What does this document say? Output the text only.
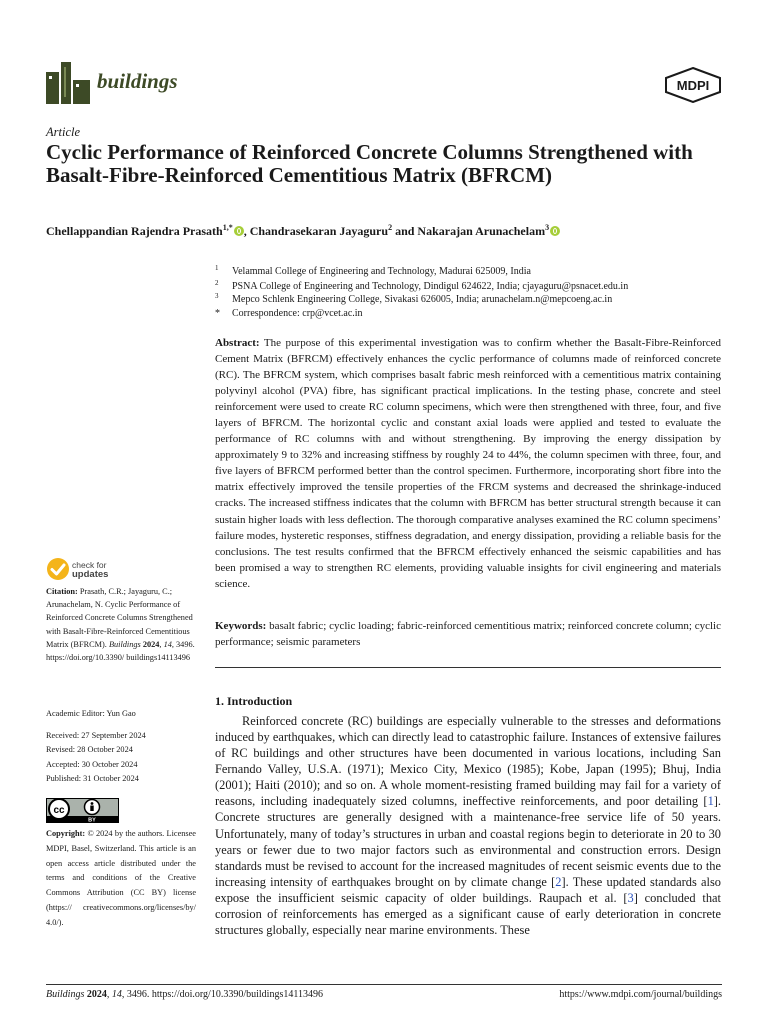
buildings	MDPI
Article
Cyclic Performance of Reinforced Concrete Columns Strengthened with Basalt-Fibre-Reinforced Cementitious Matrix (BFRCM)
Chellappandian Rajendra Prasath$^{1,*}$ , Chandrasekaran Jayaguru$^2$ and Nakarajan Arunachelam$^3$
1 Velammal College of Engineering and Technology, Madurai 625009, India
2 PSNA College of Engineering and Technology, Dindigul 624622, India; cjayaguru@psnacet.edu.in
3 Mepco Schlenk Engineering College, Sivakasi 626005, India; arunachelam.n@mepcoeng.ac.in
* Correspondence: crp@vcet.ac.in
Abstract: The purpose of this experimental investigation was to confirm whether the Basalt-Fibre-Reinforced Cement Matrix (BFRCM) effectively enhances the cyclic performance of columns made of reinforced concrete (RC). The BFRCM system, which comprises basalt fabric mesh reinforced with a cementitious matrix containing polyvinyl alcohol (PVA) fibre, has significant practical implications. In the testing phase, concrete and steel reinforcement were used to create RC column specimens, which were then strengthened with three, four, and five layers of BFRCM. The horizontal cyclic and constant axial loads were applied and tested to evaluate the performance of RC columns with and without strengthening. By improving the energy dissipation by approximately 9 to 32% and increasing stiffness by roughly 24 to 44%, the column specimen with three, four, and five layers of BFRCM performed better than the control specimen. Furthermore, incorporating short fibre into the matrix effectively improved the tensile properties of the FRCM systems and decreased the shrinkage-induced cracks. The increased stiffness indicates that the column with BFRCM has better structural strength because it can sustain higher loads with less deflection. The thorough comparative analyses examined the RC column specimens’ failure modes, hysteretic responses, stiffness degradation, and energy dissipation, providing a reliable basis for the conclusions. The test results confirmed that the BFRCM effectively enhanced the seismic capabilities and has been promised a way to strengthen RC elements, providing valuable insights for civil engineering and materials science.
Keywords: basalt fabric; cyclic loading; fabric-reinforced cementitious matrix; reinforced concrete column; cyclic performance; seismic parameters
check for
updates
Citation: Prasath, C.R.; Jayaguru, C.; Arunachelam, N. Cyclic Performance of Reinforced Concrete Columns Strengthened with Basalt-Fibre-Reinforced Cementitious Matrix (BFRCM). Buildings 2024, 14, 3496. https://doi.org/10.3390/ buildings14113496
Academic Editor: Yun Gao
Received: 27 September 2024
Revised: 28 October 2024
Accepted: 30 October 2024
Published: 31 October 2024
cc
BY
Copyright: © 2024 by the authors. Licensee MDPI, Basel, Switzerland. This article is an open access article distributed under the terms and conditions of the Creative Commons Attribution (CC BY) license (https:// creativecommons.org/licenses/by/ 4.0/).
1. Introduction
Reinforced concrete (RC) buildings are especially vulnerable to the stresses and deformations induced by earthquakes, which can directly lead to catastrophic failure. Instances of extensive failures of RC buildings and other structures have been documented in various locations, including San Fernando Valley, U.S.A. (1971); Mexico City, Mexico (1985); Kobe, Japan (1995); Bhuj, India (2001); Haiti (2010); and so on. A whole moment-resisting framed building may fail for a variety of reasons, including inadequately sized columns, ineffective reinforcements, and poor detailing [1]. Concrete structures are generally designed with a maintenance-free service life of 50 years. Unfortunately, many of today’s structures in urban and coastal regions begin to deteriorate in 20 to 30 years or fewer due to two major factors such as environmental and construction errors. Design standards must be revised to account for the increased magnitudes of recent seismic events due to the increasing intensity of earthquakes brought on by climate change [2]. These updated standards also expose the insufficient seismic capacity of older buildings. Raupach et al. [3] concluded that corrosion of reinforcements has emerged as a significant cause of early deterioration in concrete structures globally, especially near marine environments. These
Buildings 2024, 14, 3496. https://doi.org/10.3390/buildings14113496	https://www.mdpi.com/journal/buildings
